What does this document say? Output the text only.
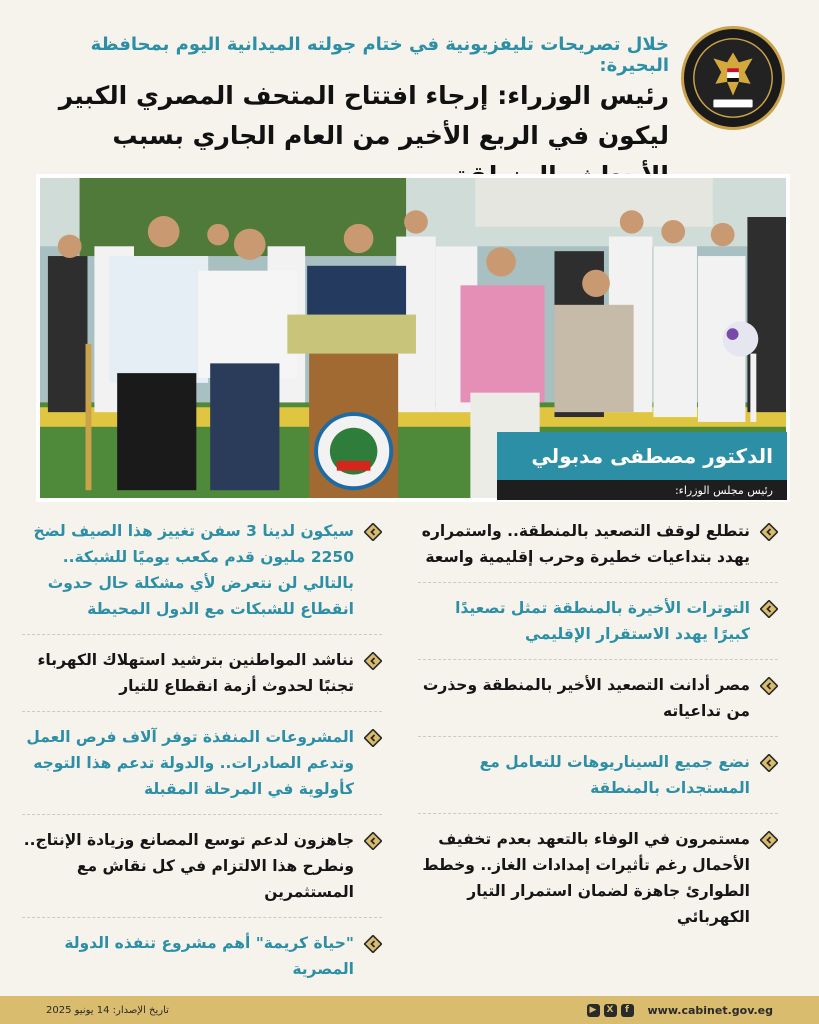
خلال تصريحات تليفزيونية في ختام جولته الميدانية اليوم بمحافظة البحيرة:
رئيس الوزراء: إرجاء افتتاح المتحف المصري الكبير ليكون في الربع الأخير من العام الجاري بسبب
الدكتور مصطفى مدبولي
رئيس مجلس الوزراء:
نتطلع لوقف التصعيد بالمنطقة.. واستمراره يهدد بتداعيات خطيرة وحرب إقليمية واسعة
التوترات الأخيرة بالمنطقة تمثل تصعيدًا كبيرًا يهدد الاستقرار الإقليمي
مصر أدانت التصعيد الأخير بالمنطقة وحذرت من تداعياته
نضع جميع السيناريوهات للتعامل مع المستجدات بالمنطقة
مستمرون في الوفاء بالتعهد بعدم تخفيف الأحمال رغم تأثيرات إمدادات الغاز.. وخطط الطوارئ جاهزة لضمان استمرار التيار الكهربائي
سيكون لدينا 3 سفن تغييز هذا الصيف لضخ 2250 مليون قدم مكعب يوميًا للشبكة.. بالتالي لن نتعرض لأي مشكلة حال حدوث انقطاع للشبكات مع الدول المحيطة
نناشد المواطنين بترشيد استهلاك الكهرباء تجنبًا لحدوث أزمة انقطاع للتيار
المشروعات المنفذة توفر آلاف فرص العمل وتدعم الصادرات.. والدولة تدعم هذا التوجه كأولوية في المرحلة المقبلة
جاهزون لدعم توسع المصانع وزيادة الإنتاج.. ونطرح هذا الالتزام في كل نقاش مع المستثمرين
"حياة كريمة" أهم مشروع تنفذه الدولة المصرية
▶	X	f	www.cabinet.gov.eg
تاريخ الإصدار: 14 يونيو 2025
